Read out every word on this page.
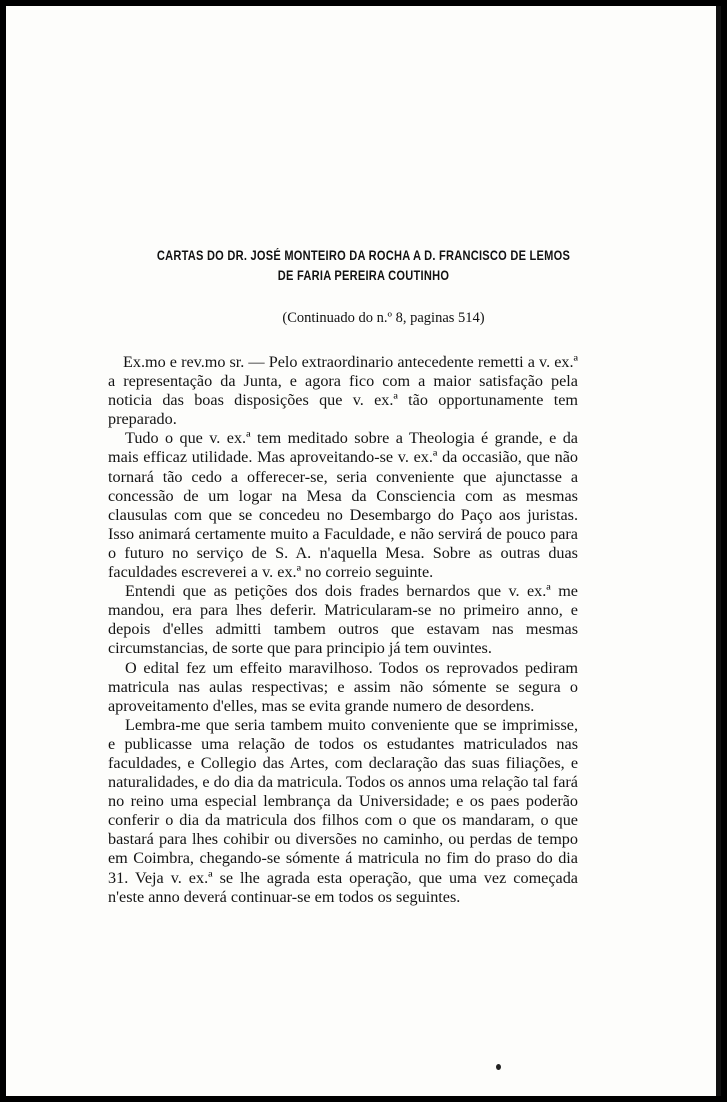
CARTAS DO DR. JOSÉ MONTEIRO DA ROCHA A D. FRANCISCO DE LEMOS
DE FARIA PEREIRA COUTINHO
(Continuado do n.º 8, paginas 514)

Ex.mo e rev.mo sr. — Pelo extraordinario antecedente remetti a v. ex.ª a representação da Junta, e agora fico com a maior satisfação pela noticia das boas disposições que v. ex.ª tão opportunamente tem preparado.

Tudo o que v. ex.ª tem meditado sobre a Theologia é grande, e da mais efficaz utilidade. Mas aproveitando-se v. ex.ª da occasião, que não tornará tão cedo a offerecer-se, seria conveniente que ajunctasse a concessão de um logar na Mesa da Consciencia com as mesmas clausulas com que se concedeu no Desembargo do Paço aos juristas. Isso animará certamente muito a Faculdade, e não servirá de pouco para o futuro no serviço de S. A. n'aquella Mesa. Sobre as outras duas faculdades escreverei a v. ex.ª no correio seguinte.

Entendi que as petições dos dois frades bernardos que v. ex.ª me mandou, era para lhes deferir. Matricularam-se no primeiro anno, e depois d'elles admitti tambem outros que estavam nas mesmas circumstancias, de sorte que para principio já tem ouvintes.

O edital fez um effeito maravilhoso. Todos os reprovados pediram matricula nas aulas respectivas; e assim não sómente se segura o aproveitamento d'elles, mas se evita grande numero de desordens.

Lembra-me que seria tambem muito conveniente que se imprimisse, e publicasse uma relação de todos os estudantes matriculados nas faculdades, e Collegio das Artes, com declaração das suas filiações, e naturalidades, e do dia da matricula. Todos os annos uma relação tal fará no reino uma especial lembrança da Universidade; e os paes poderão conferir o dia da matricula dos filhos com o que os mandaram, o que bastará para lhes cohibir ou diversões no caminho, ou perdas de tempo em Coimbra, chegando-se sómente á matricula no fim do praso do dia 31. Veja v. ex.ª se lhe agrada esta operação, que uma vez começada n'este anno deverá continuar-se em todos os seguintes.
